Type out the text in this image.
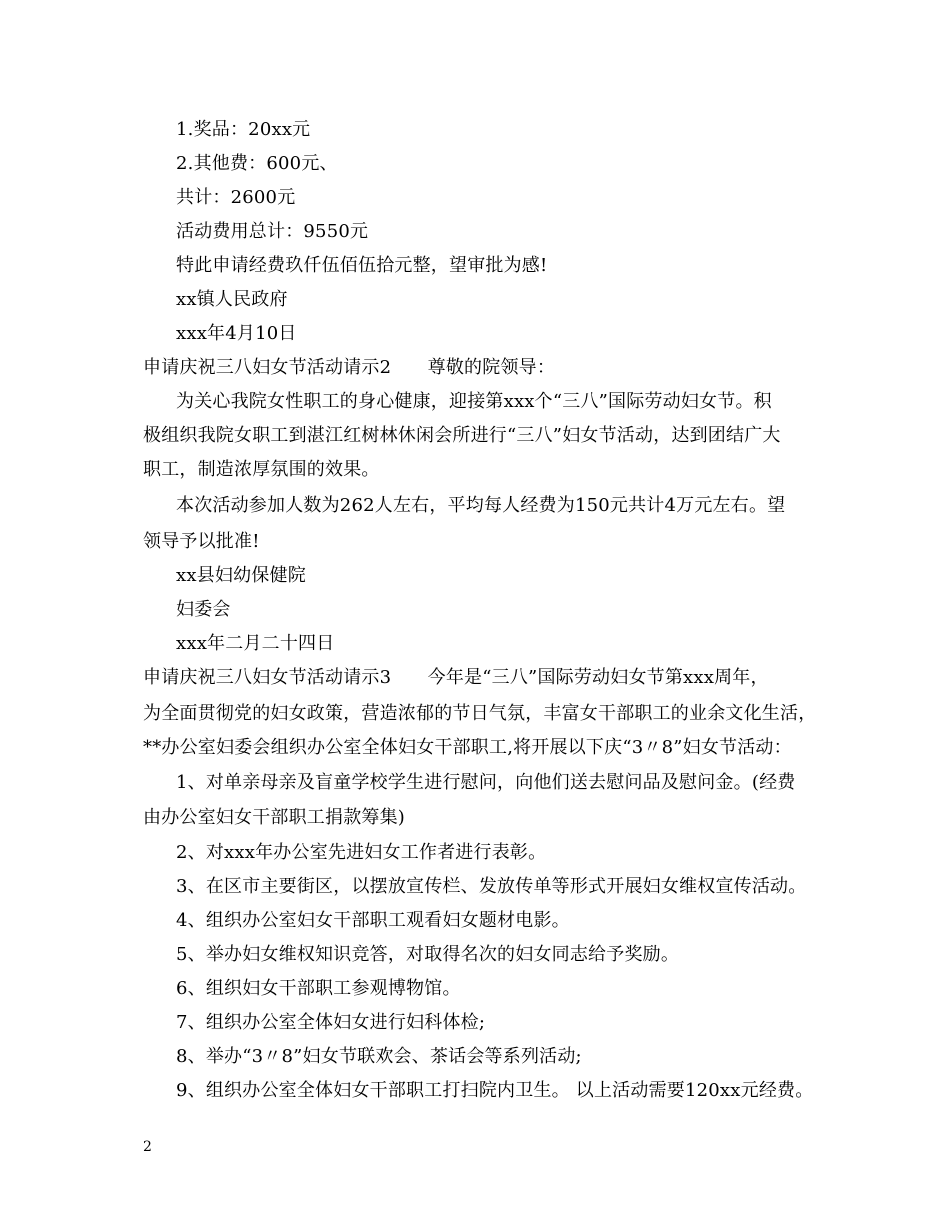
1.奖品：20xx元
2.其他费：600元、
共计：2600元
活动费用总计：9550元
特此申请经费玖仟伍佰伍拾元整，望审批为感!
xx镇人民政府
xxx年4月10日
申请庆祝三八妇女节活动请示2　　尊敬的院领导：
为关心我院女性职工的身心健康，迎接第xxx个“三八”国际劳动妇女节。积
极组织我院女职工到湛江红树林休闲会所进行“三八”妇女节活动，达到团结广大
职工，制造浓厚氛围的效果。
本次活动参加人数为262人左右，平均每人经费为150元共计4万元左右。望
领导予以批准!
xx县妇幼保健院
妇委会
xxx年二月二十四日
申请庆祝三八妇女节活动请示3　　今年是“三八”国际劳动妇女节第xxx周年，
为全面贯彻党的妇女政策，营造浓郁的节日气氛，丰富女干部职工的业余文化生活，
**办公室妇委会组织办公室全体妇女干部职工,将开展以下庆“3〃8”妇女节活动：
1、对单亲母亲及盲童学校学生进行慰问，向他们送去慰问品及慰问金。(经费
由办公室妇女干部职工捐款筹集)
2、对xxx年办公室先进妇女工作者进行表彰。
3、在区市主要街区，以摆放宣传栏、发放传单等形式开展妇女维权宣传活动。
4、组织办公室妇女干部职工观看妇女题材电影。
5、举办妇女维权知识竞答，对取得名次的妇女同志给予奖励。
6、组织妇女干部职工参观博物馆。
7、组织办公室全体妇女进行妇科体检;
8、举办“3〃8”妇女节联欢会、茶话会等系列活动;
9、组织办公室全体妇女干部职工打扫院内卫生。 以上活动需要120xx元经费。
2
